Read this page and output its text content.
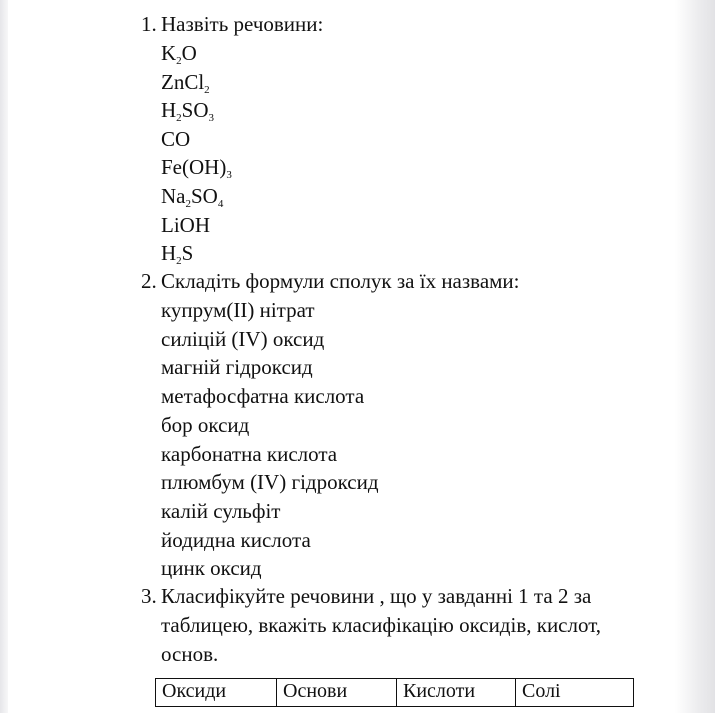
1. Назвіть речовини:
$K_2O$
ZnCl$_2$
$H_2SO_3$
CO
$Fe(OH)_3$
$Na_2SO_4$
LiOH
$H_2S$
2. Складіть формули сполук за їх назвами:
купрум(II) нітрат
силіцій (IV) оксид
магній гідроксид
метафосфатна кислота
бор оксид
карбонатна кислота
плюмбум (IV) гідроксид
калій сульфіт
йодидна кислота
цинк оксид
3. Класифікуйте речовини , що у завданні 1 та 2 за
таблицею, вкажіть класифікацію оксидів, кислот,
основ.
Оксиди	Основи	Кислоти	Солі
